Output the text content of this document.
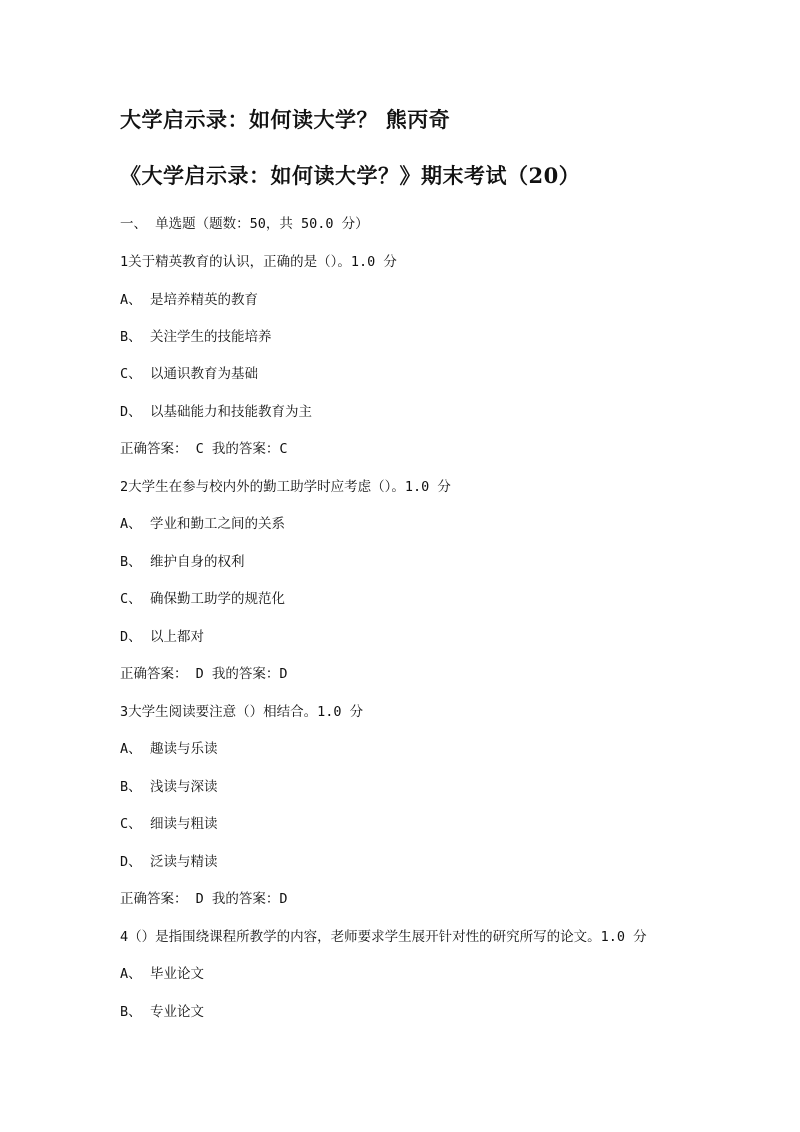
大学启示录：如何读大学？ 熊丙奇
《大学启示录：如何读大学？》期末考试（20）
一、 单选题（题数：50，共 50.0 分）
1关于精英教育的认识，正确的是（）。1.0 分
A、 是培养精英的教育
B、 关注学生的技能培养
C、 以通识教育为基础
D、 以基础能力和技能教育为主
正确答案： C 我的答案：C
2大学生在参与校内外的勤工助学时应考虑（）。1.0 分
A、 学业和勤工之间的关系
B、 维护自身的权利
C、 确保勤工助学的规范化
D、 以上都对
正确答案： D 我的答案：D
3大学生阅读要注意（）相结合。1.0 分
A、 趣读与乐读
B、 浅读与深读
C、 细读与粗读
D、 泛读与精读
正确答案： D 我的答案：D
4（）是指围绕课程所教学的内容，老师要求学生展开针对性的研究所写的论文。1.0 分
A、 毕业论文
B、 专业论文
